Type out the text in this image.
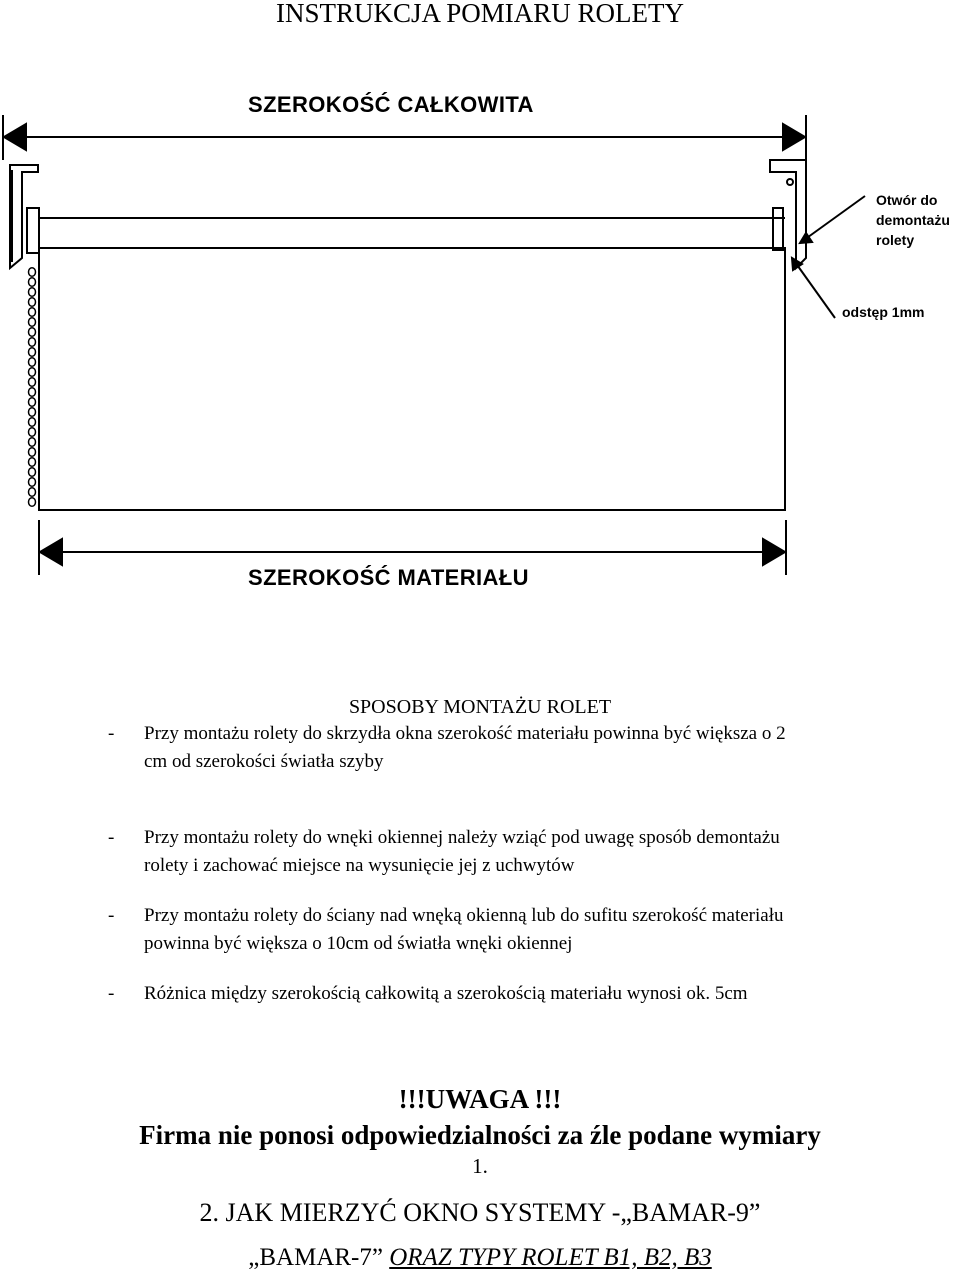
INSTRUKCJA POMIARU ROLETY
SZEROKOŚĆ CAŁKOWITA
Otwór do
demontażu
rolety
odstęp 1mm
SZEROKOŚĆ MATERIAŁU
SPOSOBY MONTAŻU ROLET
- Przy montażu rolety do skrzydła okna szerokość materiału powinna być większa o 2
cm od szerokości światła szyby
- Przy montażu rolety do wnęki okiennej należy wziąć pod uwagę sposób demontażu
rolety i zachować miejsce na wysunięcie jej z uchwytów
- Przy montażu rolety do ściany nad wnęką okienną lub do sufitu szerokość materiału
powinna być większa o 10cm od światła wnęki okiennej
- Różnica między szerokością całkowitą a szerokością materiału wynosi ok. 5cm
!!!UWAGA !!!
Firma nie ponosi odpowiedzialności za źle podane wymiary
1.
2. JAK MIERZYĆ OKNO SYSTEMY -„BAMAR-9”
„BAMAR-7” ORAZ TYPY ROLET B1, B2, B3
